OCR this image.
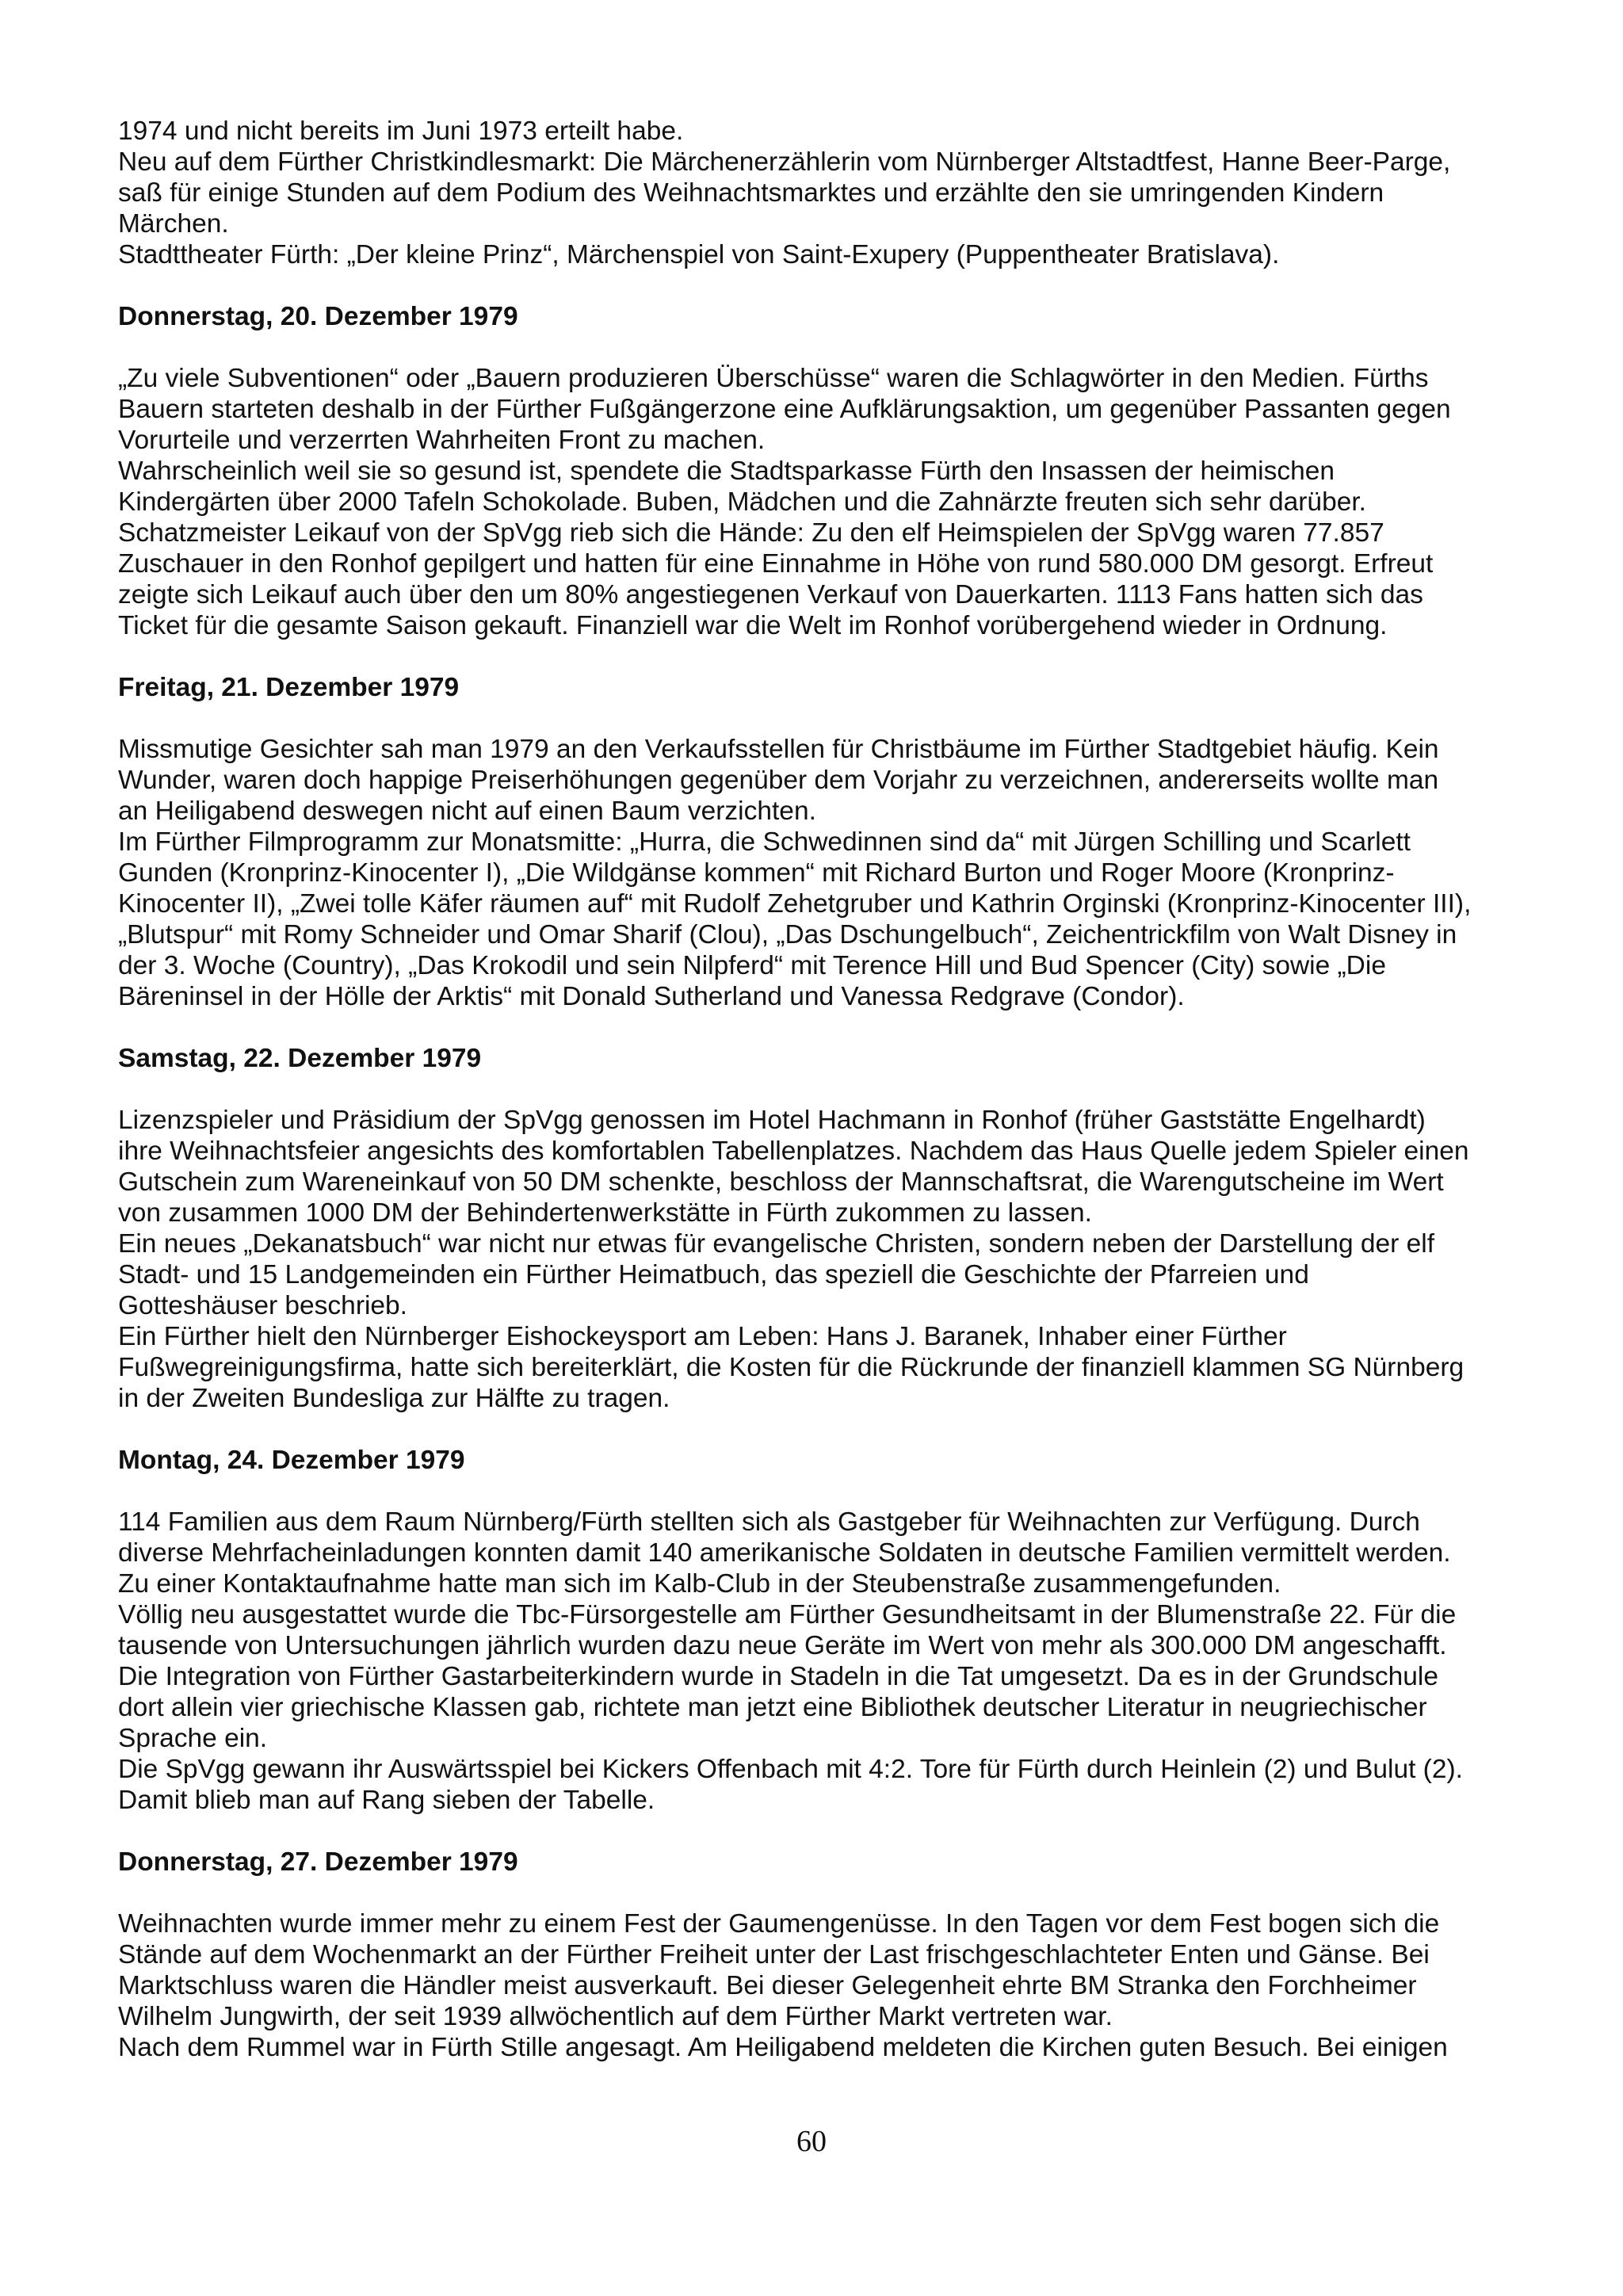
1974 und nicht bereits im Juni 1973 erteilt habe.
Neu auf dem Fürther Christkindlesmarkt: Die Märchenerzählerin vom Nürnberger Altstadtfest, Hanne Beer-Parge,
saß für einige Stunden auf dem Podium des Weihnachtsmarktes und erzählte den sie umringenden Kindern
Märchen.
Stadttheater Fürth: „Der kleine Prinz“, Märchenspiel von Saint-Exupery (Puppentheater Bratislava).
Donnerstag, 20. Dezember 1979
„Zu viele Subventionen“ oder „Bauern produzieren Überschüsse“ waren die Schlagwörter in den Medien. Fürths
Bauern starteten deshalb in der Fürther Fußgängerzone eine Aufklärungsaktion, um gegenüber Passanten gegen
Vorurteile und verzerrten Wahrheiten Front zu machen.
Wahrscheinlich weil sie so gesund ist, spendete die Stadtsparkasse Fürth den Insassen der heimischen
Kindergärten über 2000 Tafeln Schokolade. Buben, Mädchen und die Zahnärzte freuten sich sehr darüber.
Schatzmeister Leikauf von der SpVgg rieb sich die Hände: Zu den elf Heimspielen der SpVgg waren 77.857
Zuschauer in den Ronhof gepilgert und hatten für eine Einnahme in Höhe von rund 580.000 DM gesorgt. Erfreut
zeigte sich Leikauf auch über den um 80% angestiegenen Verkauf von Dauerkarten. 1113 Fans hatten sich das
Ticket für die gesamte Saison gekauft. Finanziell war die Welt im Ronhof vorübergehend wieder in Ordnung.
Freitag, 21. Dezember 1979
Missmutige Gesichter sah man 1979 an den Verkaufsstellen für Christbäume im Fürther Stadtgebiet häufig. Kein
Wunder, waren doch happige Preiserhöhungen gegenüber dem Vorjahr zu verzeichnen, andererseits wollte man
an Heiligabend deswegen nicht auf einen Baum verzichten.
Im Fürther Filmprogramm zur Monatsmitte: „Hurra, die Schwedinnen sind da“ mit Jürgen Schilling und Scarlett
Gunden (Kronprinz-Kinocenter I), „Die Wildgänse kommen“ mit Richard Burton und Roger Moore (Kronprinz-
Kinocenter II), „Zwei tolle Käfer räumen auf“ mit Rudolf Zehetgruber und Kathrin Orginski (Kronprinz-Kinocenter III),
„Blutspur“ mit Romy Schneider und Omar Sharif (Clou), „Das Dschungelbuch“, Zeichentrickfilm von Walt Disney in
der 3. Woche (Country), „Das Krokodil und sein Nilpferd“ mit Terence Hill und Bud Spencer (City) sowie „Die
Bäreninsel in der Hölle der Arktis“ mit Donald Sutherland und Vanessa Redgrave (Condor).
Samstag, 22. Dezember 1979
Lizenzspieler und Präsidium der SpVgg genossen im Hotel Hachmann in Ronhof (früher Gaststätte Engelhardt)
ihre Weihnachtsfeier angesichts des komfortablen Tabellenplatzes. Nachdem das Haus Quelle jedem Spieler einen
Gutschein zum Wareneinkauf von 50 DM schenkte, beschloss der Mannschaftsrat, die Warengutscheine im Wert
von zusammen 1000 DM der Behindertenwerkstätte in Fürth zukommen zu lassen.
Ein neues „Dekanatsbuch“ war nicht nur etwas für evangelische Christen, sondern neben der Darstellung der elf
Stadt- und 15 Landgemeinden ein Fürther Heimatbuch, das speziell die Geschichte der Pfarreien und
Gotteshäuser beschrieb.
Ein Fürther hielt den Nürnberger Eishockeysport am Leben: Hans J. Baranek, Inhaber einer Fürther
Fußwegreinigungsfirma, hatte sich bereiterklärt, die Kosten für die Rückrunde der finanziell klammen SG Nürnberg
in der Zweiten Bundesliga zur Hälfte zu tragen.
Montag, 24. Dezember 1979
114 Familien aus dem Raum Nürnberg/Fürth stellten sich als Gastgeber für Weihnachten zur Verfügung. Durch
diverse Mehrfacheinladungen konnten damit 140 amerikanische Soldaten in deutsche Familien vermittelt werden.
Zu einer Kontaktaufnahme hatte man sich im Kalb-Club in der Steubenstraße zusammengefunden.
Völlig neu ausgestattet wurde die Tbc-Fürsorgestelle am Fürther Gesundheitsamt in der Blumenstraße 22. Für die
tausende von Untersuchungen jährlich wurden dazu neue Geräte im Wert von mehr als 300.000 DM angeschafft.
Die Integration von Fürther Gastarbeiterkindern wurde in Stadeln in die Tat umgesetzt. Da es in der Grundschule
dort allein vier griechische Klassen gab, richtete man jetzt eine Bibliothek deutscher Literatur in neugriechischer
Sprache ein.
Die SpVgg gewann ihr Auswärtsspiel bei Kickers Offenbach mit 4:2. Tore für Fürth durch Heinlein (2) und Bulut (2).
Damit blieb man auf Rang sieben der Tabelle.
Donnerstag, 27. Dezember 1979
Weihnachten wurde immer mehr zu einem Fest der Gaumengenüsse. In den Tagen vor dem Fest bogen sich die
Stände auf dem Wochenmarkt an der Fürther Freiheit unter der Last frischgeschlachteter Enten und Gänse. Bei
Marktschluss waren die Händler meist ausverkauft. Bei dieser Gelegenheit ehrte BM Stranka den Forchheimer
Wilhelm Jungwirth, der seit 1939 allwöchentlich auf dem Fürther Markt vertreten war.
Nach dem Rummel war in Fürth Stille angesagt. Am Heiligabend meldeten die Kirchen guten Besuch. Bei einigen
60
